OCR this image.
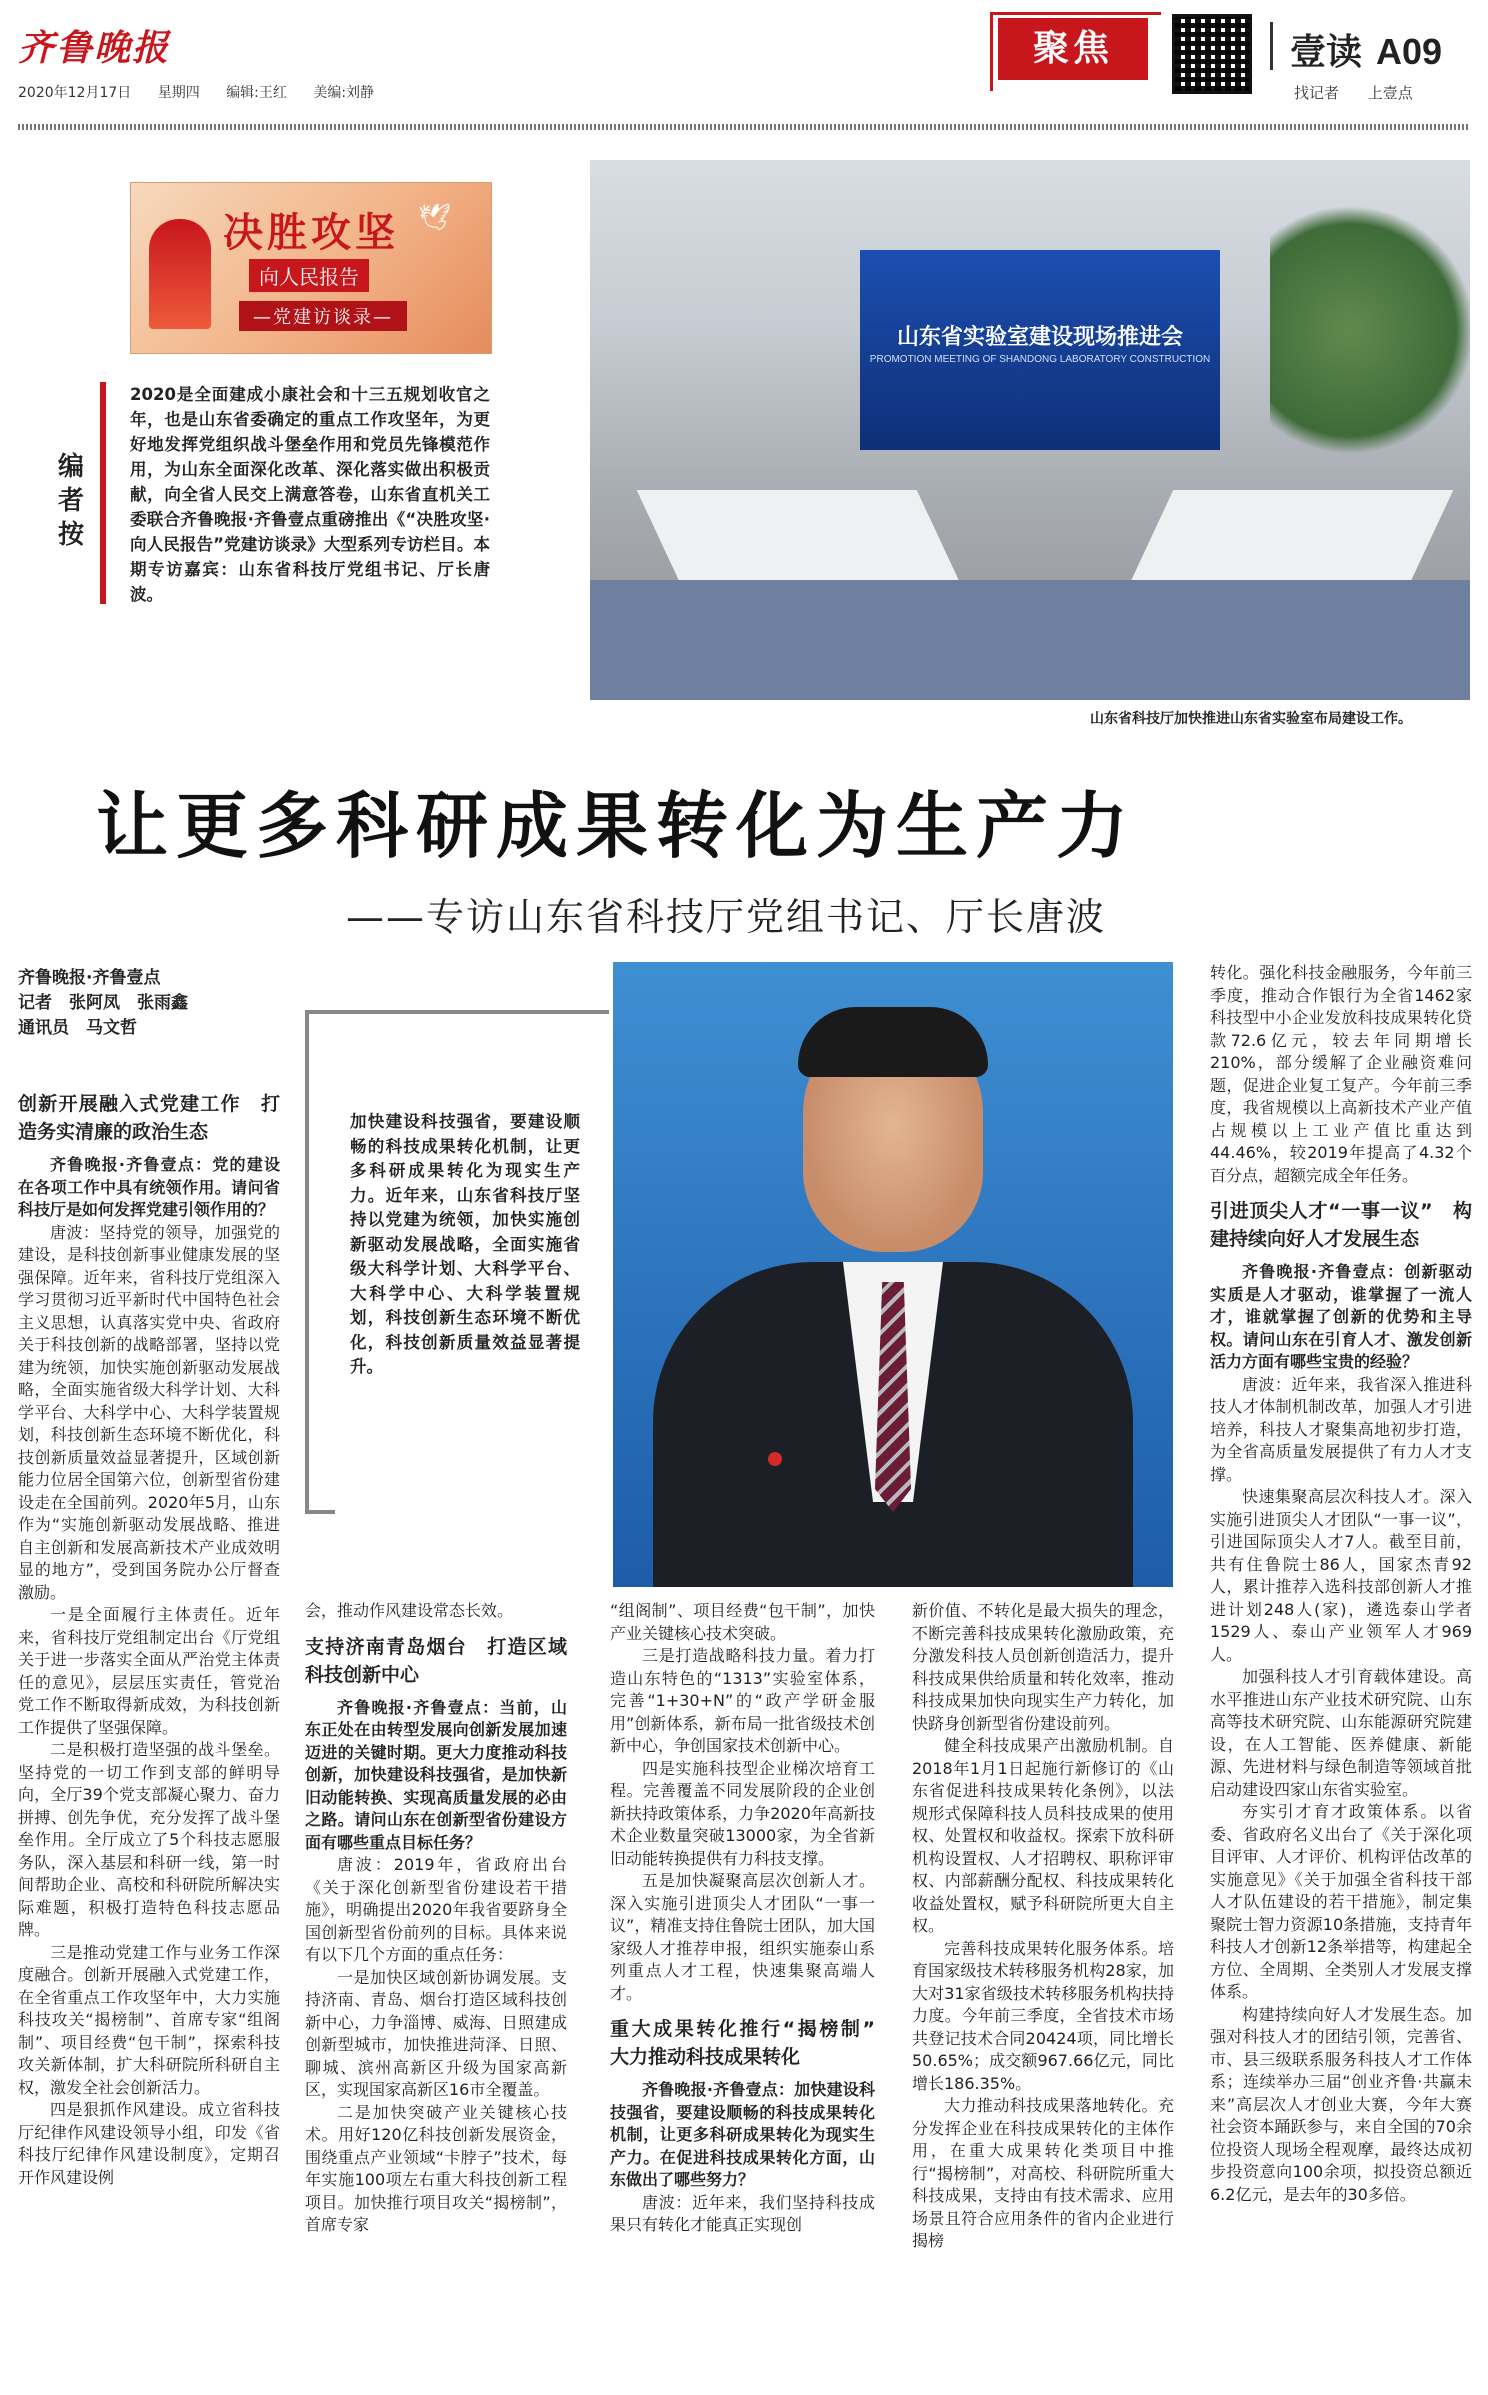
齐鲁晚报
2020年12月17日 星期四 编辑:王红 美编:刘静
聚焦	壹读 A09
找记者 上壹点
🕊
决胜攻坚
向人民报告
—党建访谈录—
编者按
2020是全面建成小康社会和十三五规划收官之年，也是山东省委确定的重点工作攻坚年，为更好地发挥党组织战斗堡垒作用和党员先锋模范作用，为山东全面深化改革、深化落实做出积极贡献，向全省人民交上满意答卷，山东省直机关工委联合齐鲁晚报·齐鲁壹点重磅推出《“决胜攻坚·向人民报告”党建访谈录》大型系列专访栏目。本期专访嘉宾：山东省科技厅党组书记、厅长唐波。
山东省实验室建设现场推进会
PROMOTION MEETING OF SHANDONG LABORATORY CONSTRUCTION
山东省科技厅加快推进山东省实验室布局建设工作。
让更多科研成果转化为生产力
——专访山东省科技厅党组书记、厅长唐波
齐鲁晚报·齐鲁壹点
记者　张阿凤　张雨鑫
通讯员　马文哲

创新开展融入式党建工作　打造务实清廉的政治生态

齐鲁晚报·齐鲁壹点：党的建设在各项工作中具有统领作用。请问省科技厅是如何发挥党建引领作用的？

唐波：坚持党的领导，加强党的建设，是科技创新事业健康发展的坚强保障。近年来，省科技厅党组深入学习贯彻习近平新时代中国特色社会主义思想，认真落实党中央、省政府关于科技创新的战略部署，坚持以党建为统领，加快实施创新驱动发展战略，全面实施省级大科学计划、大科学平台、大科学中心、大科学装置规划，科技创新生态环境不断优化，科技创新质量效益显著提升，区域创新能力位居全国第六位，创新型省份建设走在全国前列。2020年5月，山东作为“实施创新驱动发展战略、推进自主创新和发展高新技术产业成效明显的地方”，受到国务院办公厅督查激励。

一是全面履行主体责任。近年来，省科技厅党组制定出台《厅党组关于进一步落实全面从严治党主体责任的意见》，层层压实责任，管党治党工作不断取得新成效，为科技创新工作提供了坚强保障。

二是积极打造坚强的战斗堡垒。坚持党的一切工作到支部的鲜明导向，全厅39个党支部凝心聚力、奋力拼搏、创先争优，充分发挥了战斗堡垒作用。全厅成立了5个科技志愿服务队，深入基层和科研一线，第一时间帮助企业、高校和科研院所解决实际难题，积极打造特色科技志愿品牌。

三是推动党建工作与业务工作深度融合。创新开展融入式党建工作，在全省重点工作攻坚年中，大力实施科技攻关“揭榜制”、首席专家“组阁制”、项目经费“包干制”，探索科技攻关新体制，扩大科研院所科研自主权，激发全社会创新活力。

四是狠抓作风建设。成立省科技厅纪律作风建设领导小组，印发《省科技厅纪律作风建设制度》，定期召开作风建设例

加快建设科技强省，要建设顺畅的科技成果转化机制，让更多科研成果转化为现实生产力。近年来，山东省科技厅坚持以党建为统领，加快实施创新驱动发展战略，全面实施省级大科学计划、大科学平台、大科学中心、大科学装置规划，科技创新生态环境不断优化，科技创新质量效益显著提升。

会，推动作风建设常态长效。

支持济南青岛烟台　打造区域科技创新中心

齐鲁晚报·齐鲁壹点：当前，山东正处在由转型发展向创新发展加速迈进的关键时期。更大力度推动科技创新，加快建设科技强省，是加快新旧动能转换、实现高质量发展的必由之路。请问山东在创新型省份建设方面有哪些重点目标任务？

唐波：2019年，省政府出台《关于深化创新型省份建设若干措施》，明确提出2020年我省要跻身全国创新型省份前列的目标。具体来说有以下几个方面的重点任务：

一是加快区域创新协调发展。支持济南、青岛、烟台打造区域科技创新中心，力争淄博、威海、日照建成创新型城市，加快推进菏泽、日照、聊城、滨州高新区升级为国家高新区，实现国家高新区16市全覆盖。

二是加快突破产业关键核心技术。用好120亿科技创新发展资金，围绕重点产业领域“卡脖子”技术，每年实施100项左右重大科技创新工程项目。加快推行项目攻关“揭榜制”，首席专家

“组阁制”、项目经费“包干制”，加快产业关键核心技术突破。

三是打造战略科技力量。着力打造山东特色的“1313”实验室体系，完善“1+30+N”的“政产学研金服用”创新体系，新布局一批省级技术创新中心，争创国家技术创新中心。

四是实施科技型企业梯次培育工程。完善覆盖不同发展阶段的企业创新扶持政策体系，力争2020年高新技术企业数量突破13000家，为全省新旧动能转换提供有力科技支撑。

五是加快凝聚高层次创新人才。深入实施引进顶尖人才团队“一事一议”，精准支持住鲁院士团队，加大国家级人才推荐申报，组织实施泰山系列重点人才工程，快速集聚高端人才。

重大成果转化推行“揭榜制”　大力推动科技成果转化

齐鲁晚报·齐鲁壹点：加快建设科技强省，要建设顺畅的科技成果转化机制，让更多科研成果转化为现实生产力。在促进科技成果转化方面，山东做出了哪些努力？

唐波：近年来，我们坚持科技成果只有转化才能真正实现创

新价值、不转化是最大损失的理念，不断完善科技成果转化激励政策，充分激发科技人员创新创造活力，提升科技成果供给质量和转化效率，推动科技成果加快向现实生产力转化，加快跻身创新型省份建设前列。

健全科技成果产出激励机制。自2018年1月1日起施行新修订的《山东省促进科技成果转化条例》，以法规形式保障科技人员科技成果的使用权、处置权和收益权。探索下放科研机构设置权、人才招聘权、职称评审权、内部薪酬分配权、科技成果转化收益处置权，赋予科研院所更大自主权。

完善科技成果转化服务体系。培育国家级技术转移服务机构28家，加大对31家省级技术转移服务机构扶持力度。今年前三季度，全省技术市场共登记技术合同20424项，同比增长50.65%；成交额967.66亿元，同比增长186.35%。

大力推动科技成果落地转化。充分发挥企业在科技成果转化的主体作用，在重大成果转化类项目中推行“揭榜制”，对高校、科研院所重大科技成果，支持由有技术需求、应用场景且符合应用条件的省内企业进行揭榜

转化。强化科技金融服务，今年前三季度，推动合作银行为全省1462家科技型中小企业发放科技成果转化贷款72.6亿元，较去年同期增长210%，部分缓解了企业融资难问题，促进企业复工复产。今年前三季度，我省规模以上高新技术产业产值占规模以上工业产值比重达到44.46%，较2019年提高了4.32个百分点，超额完成全年任务。

引进顶尖人才“一事一议”　构建持续向好人才发展生态

齐鲁晚报·齐鲁壹点：创新驱动实质是人才驱动，谁掌握了一流人才，谁就掌握了创新的优势和主导权。请问山东在引育人才、激发创新活力方面有哪些宝贵的经验？

唐波：近年来，我省深入推进科技人才体制机制改革，加强人才引进培养，科技人才聚集高地初步打造，为全省高质量发展提供了有力人才支撑。

快速集聚高层次科技人才。深入实施引进顶尖人才团队“一事一议”，引进国际顶尖人才7人。截至目前，共有住鲁院士86人，国家杰青92人，累计推荐入选科技部创新人才推进计划248人(家)，遴选泰山学者1529人、泰山产业领军人才969人。

加强科技人才引育载体建设。高水平推进山东产业技术研究院、山东高等技术研究院、山东能源研究院建设，在人工智能、医养健康、新能源、先进材料与绿色制造等领域首批启动建设四家山东省实验室。

夯实引才育才政策体系。以省委、省政府名义出台了《关于深化项目评审、人才评价、机构评估改革的实施意见》《关于加强全省科技干部人才队伍建设的若干措施》，制定集聚院士智力资源10条措施，支持青年科技人才创新12条举措等，构建起全方位、全周期、全类别人才发展支撑体系。

构建持续向好人才发展生态。加强对科技人才的团结引领，完善省、市、县三级联系服务科技人才工作体系；连续举办三届“创业齐鲁·共赢未来”高层次人才创业大赛，今年大赛社会资本踊跃参与，来自全国的70余位投资人现场全程观摩，最终达成初步投资意向100余项，拟投资总额近6.2亿元，是去年的30多倍。
